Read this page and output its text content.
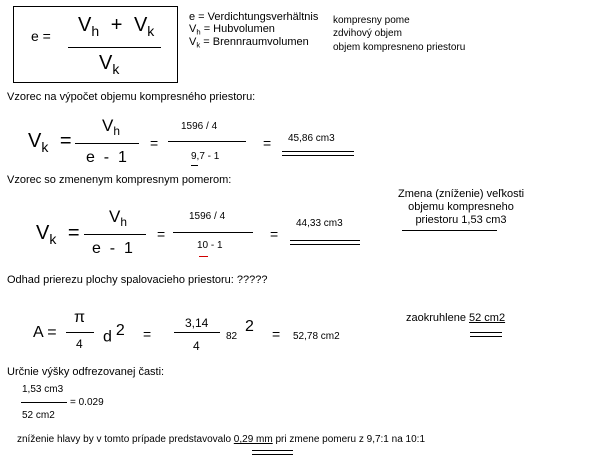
$e = V_h + V_k$
$V_k$
e = Verdichtungsverhältnis
$V_h$ = Hubvolumen
$V_k$ = Brennraumvolumen
kompresny pome
zdvihový objem
objem kompresneno priestoru
Vzorec na výpočet objemu kompresného priestoru:
$V_k$ =
$V_h$
e  -  1
=
1596 / 4
9,7 - 1
= 45,86 cm3
Vzorec so zmenenym kompresnym pomerom:
$V_k$ =
$V_h$
e  -  1
=
1596 / 4
10 - 1
=
44,33 cm3
Zmena (zníženie) veľkosti
objemu kompresneho
priestoru 1,53 cm3
Odhad prierezu plochy spalovacieho priestoru: ?????
A =
π
4 d $^2$ =
3,14
4
82
2 = 52,78 cm2
zaokruhlene 52 cm2
Určnie výšky odfrezovanej časti:
1,53 cm3
52 cm2
= 0.029
zníženie hlavy by v tomto prípade predstavovalo 0,29 mm pri zmene pomeru z 9,7:1 na 10:1
